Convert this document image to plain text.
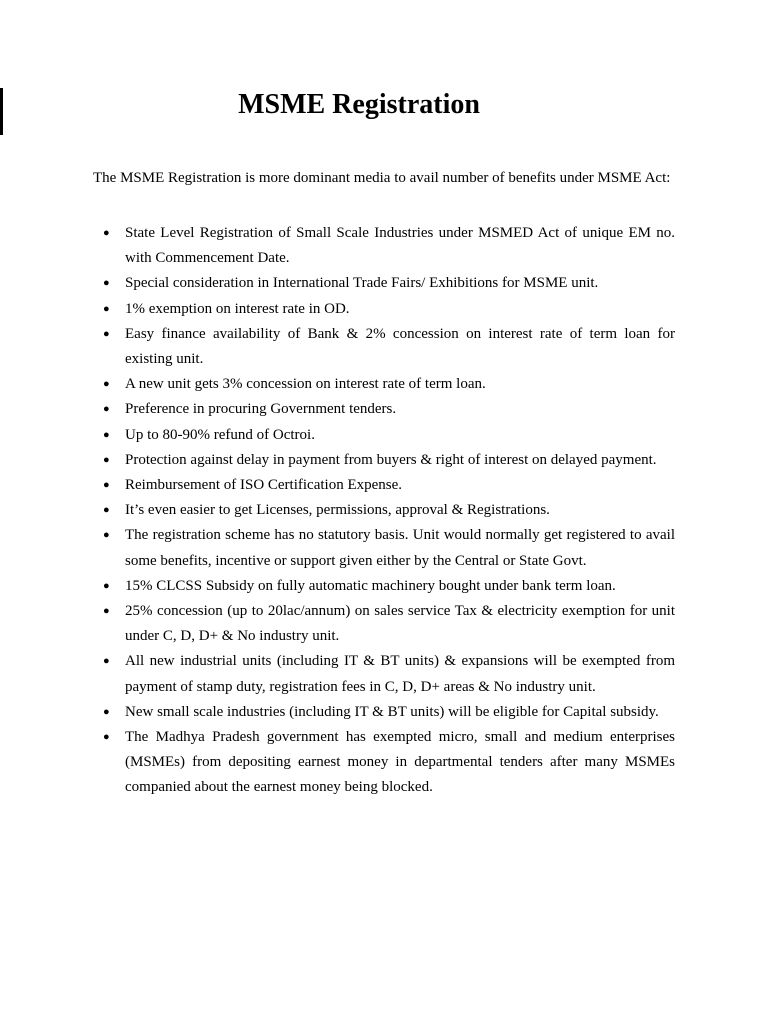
MSME Registration

The MSME Registration is more dominant media to avail number of benefits under MSME Act:

● State Level Registration of Small Scale Industries under MSMED Act of unique EM no. with Commencement Date.
● Special consideration in International Trade Fairs/ Exhibitions for MSME unit.
● 1% exemption on interest rate in OD.
● Easy finance availability of Bank & 2% concession on interest rate of term loan for existing unit.
● A new unit gets 3% concession on interest rate of term loan.
● Preference in procuring Government tenders.
● Up to 80-90% refund of Octroi.
● Protection against delay in payment from buyers & right of interest on delayed payment.
● Reimbursement of ISO Certification Expense.
● It’s even easier to get Licenses, permissions, approval & Registrations.
● The registration scheme has no statutory basis. Unit would normally get registered to avail some benefits, incentive or support given either by the Central or State Govt.
● 15% CLCSS Subsidy on fully automatic machinery bought under bank term loan.
● 25% concession (up to 20lac/annum) on sales service Tax & electricity exemption for unit under C, D, D+ & No industry unit.
● All new industrial units (including IT & BT units) & expansions will be exempted from payment of stamp duty, registration fees in C, D, D+ areas & No industry unit.
● New small scale industries (including IT & BT units) will be eligible for Capital subsidy.
● The Madhya Pradesh government has exempted micro, small and medium enterprises (MSMEs) from depositing earnest money in departmental tenders after many MSMEs companied about the earnest money being blocked.
